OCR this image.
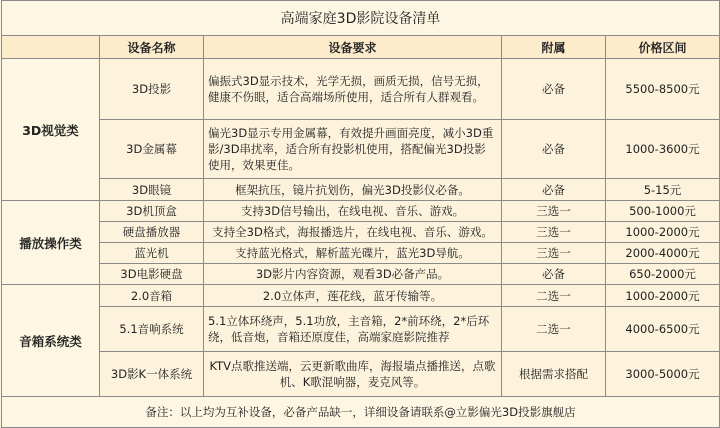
高端家庭3D影院设备清单				
	设备名称	设备要求	附属	价格区间
3D视觉类	3D投影	偏振式3D显示技术，光学无损，画质无损，信号无损，健康不伤眼，适合高端场所使用，适合所有人群观看。	必备	5500-8500元
	3D金属幕	偏光3D显示专用金属幕，有效提升画面亮度，减小3D重影/3D串扰率，适合所有投影机使用，搭配偏光3D投影使用，效果更佳。	必备	1000-3600元
	3D眼镜	框架抗压，镜片抗划伤，偏光3D投影仪必备。	必备	5-15元
播放操作类	3D机顶盒	支持3D信号输出，在线电视、音乐、游戏。	三选一	500-1000元
	硬盘播放器	支持全3D格式，海报播选片，在线电视、音乐、游戏。	三选一	1000-2000元
	蓝光机	支持蓝光格式，解析蓝光碟片，蓝光3D导航。	三选一	2000-4000元
	3D电影硬盘	3D影片内容资源，观看3D必备产品。	必备	650-2000元
音箱系统类	2.0音箱	2.0立体声，莲花线，蓝牙传输等。	二选一	1000-2000元
	5.1音响系统	5.1立体环绕声，5.1功放，主音箱，2*前环绕，2*后环绕，低音炮，音箱还原度佳，高端家庭影院推荐	二选一	4000-6500元
	3D影K一体系统	KTV点歌推送端，云更新歌曲库，海报墙点播推送，点歌机、K歌混响器，麦克风等。	根据需求搭配	3000-5000元
备注：以上均为互补设备，必备产品缺一，详细设备请联系@立影偏光3D投影旗舰店				
